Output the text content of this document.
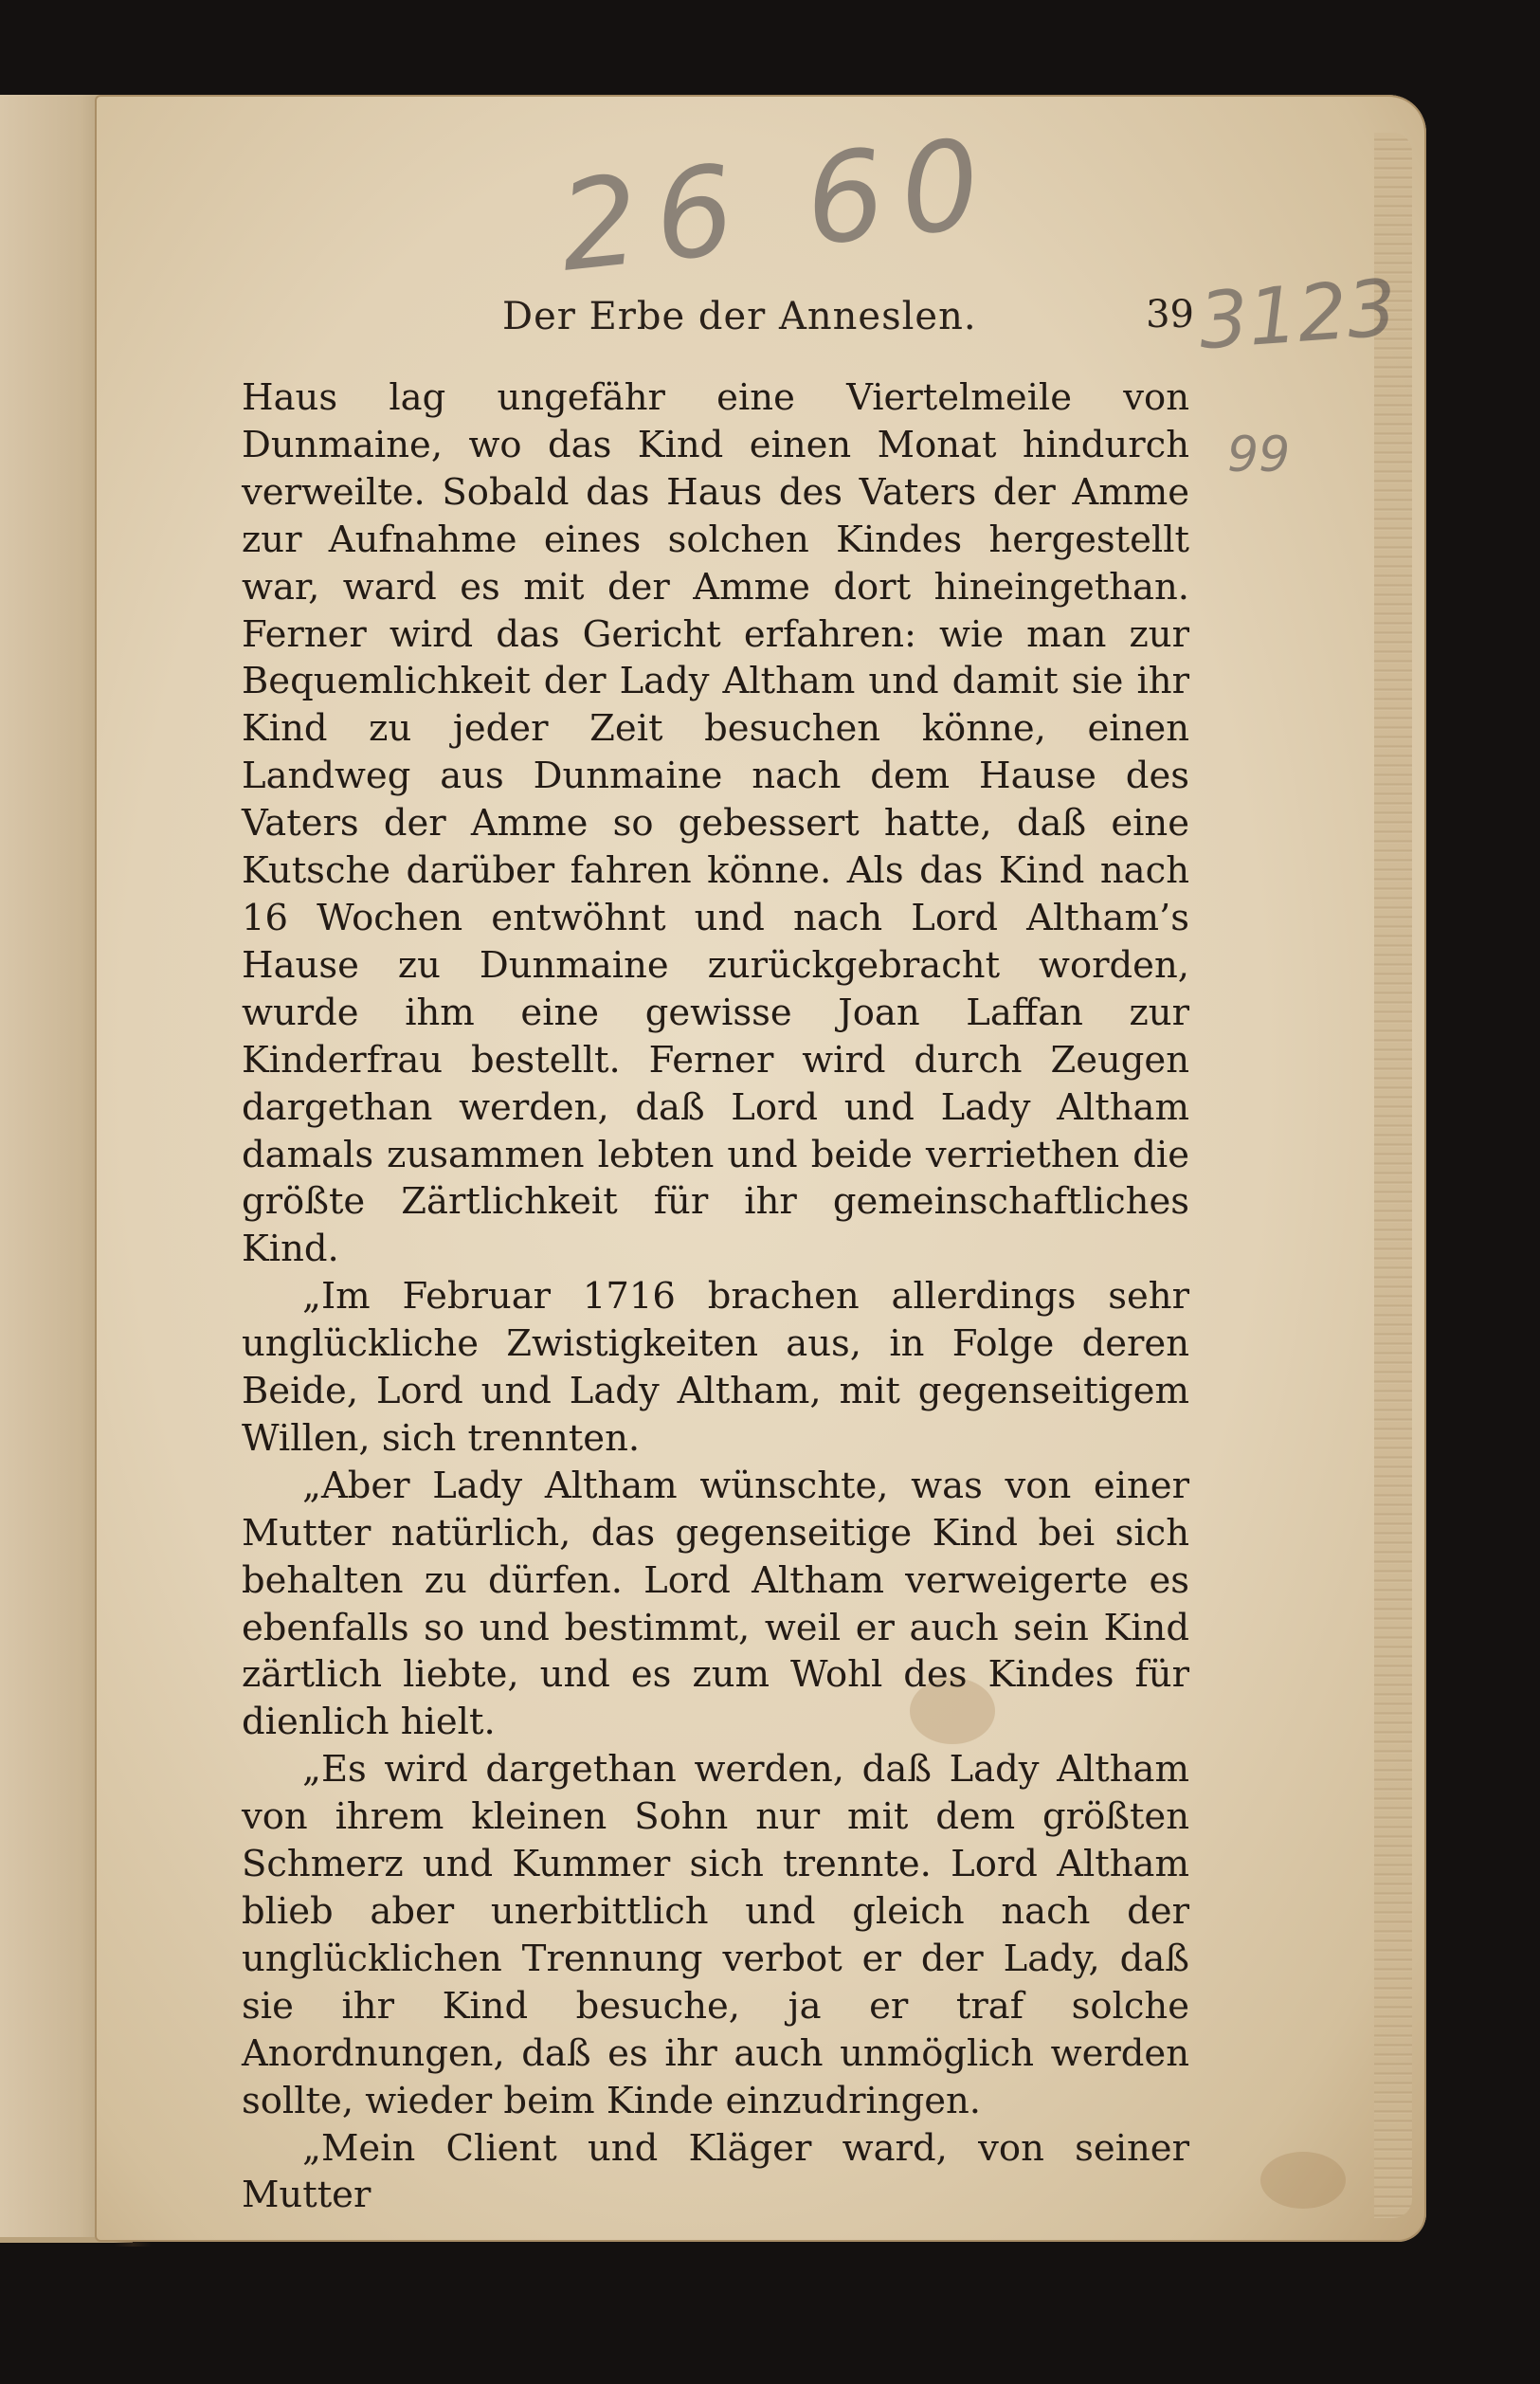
26 60
3123
99
Der Erbe der Anneslen.	39

Haus lag ungefähr eine Viertelmeile von Dunmaine, wo das Kind einen Monat hindurch verweilte. Sobald das Haus des Vaters der Amme zur Aufnahme eines solchen Kindes hergestellt war, ward es mit der Amme dort hineingethan. Ferner wird das Gericht erfahren: wie man zur Bequemlichkeit der Lady Altham und damit sie ihr Kind zu jeder Zeit besuchen könne, einen Landweg aus Dunmaine nach dem Hause des Vaters der Amme so gebessert hatte, daß eine Kutsche darüber fahren könne. Als das Kind nach 16 Wochen entwöhnt und nach Lord Altham’s Hause zu Dunmaine zurückgebracht worden, wurde ihm eine gewisse Joan Laffan zur Kinderfrau bestellt. Ferner wird durch Zeugen dargethan werden, daß Lord und Lady Altham damals zusammen lebten und beide verriethen die größte Zärtlichkeit für ihr gemeinschaftliches Kind.

„Im Februar 1716 brachen allerdings sehr unglückliche Zwistigkeiten aus, in Folge deren Beide, Lord und Lady Altham, mit gegenseitigem Willen, sich trennten.

„Aber Lady Altham wünschte, was von einer Mutter natürlich, das gegenseitige Kind bei sich behalten zu dürfen. Lord Altham verweigerte es ebenfalls so und bestimmt, weil er auch sein Kind zärtlich liebte, und es zum Wohl des Kindes für dienlich hielt.

„Es wird dargethan werden, daß Lady Altham von ihrem kleinen Sohn nur mit dem größten Schmerz und Kummer sich trennte. Lord Altham blieb aber unerbittlich und gleich nach der unglücklichen Trennung verbot er der Lady, daß sie ihr Kind besuche, ja er traf solche Anordnungen, daß es ihr auch unmöglich werden sollte, wieder beim Kinde einzudringen.

„Mein Client und Kläger ward, von seiner Mutter
